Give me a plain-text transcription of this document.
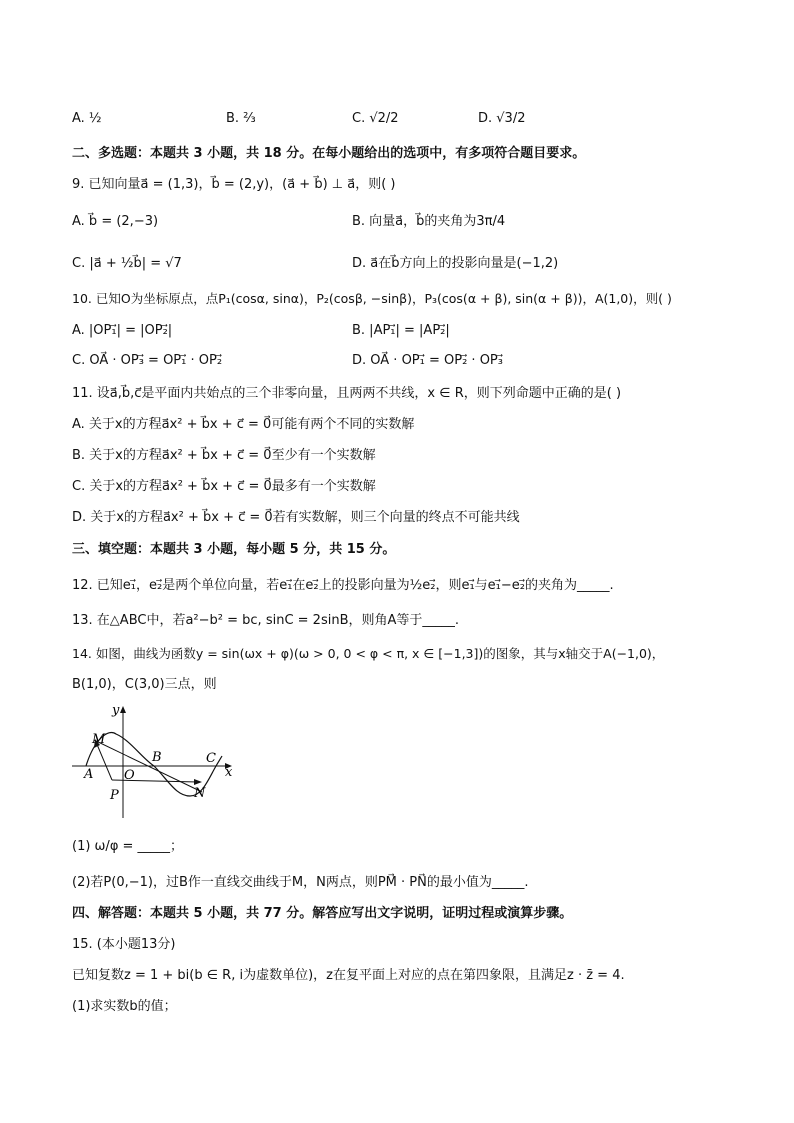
A. ½	B. ⅔	C. √2/2	D. √3/2
二、多选题：本题共 3 小题，共 18 分。在每小题给出的选项中，有多项符合题目要求。
9. 已知向量a⃗ = (1,3)，b⃗ = (2,y)，(a⃗ + b⃗) ⊥ a⃗，则( )
A. b⃗ = (2,−3)	B. 向量a⃗，b⃗的夹角为3π/4
C. |a⃗ + ½b⃗| = √7	D. a⃗在b⃗方向上的投影向量是(−1,2)
10. 已知O为坐标原点，点P₁(cosα, sinα)，P₂(cosβ, −sinβ)，P₃(cos(α + β), sin(α + β))，A(1,0)，则( )
A. |OP₁⃗| = |OP₂⃗|	B. |AP₁⃗| = |AP₂⃗|
C. OA⃗ · OP₃⃗ = OP₁⃗ · OP₂⃗	D. OA⃗ · OP₁⃗ = OP₂⃗ · OP₃⃗
11. 设a⃗,b⃗,c⃗是平面内共始点的三个非零向量，且两两不共线，x ∈ R，则下列命题中正确的是( )
A. 关于x的方程a⃗x² + b⃗x + c⃗ = 0⃗可能有两个不同的实数解
B. 关于x的方程a⃗x² + b⃗x + c⃗ = 0⃗至少有一个实数解
C. 关于x的方程a⃗x² + b⃗x + c⃗ = 0⃗最多有一个实数解
D. 关于x的方程a⃗x² + b⃗x + c⃗ = 0⃗若有实数解，则三个向量的终点不可能共线
三、填空题：本题共 3 小题，每小题 5 分，共 15 分。
12. 已知e₁⃗，e₂⃗是两个单位向量，若e₁⃗在e₂⃗上的投影向量为½e₂⃗，则e₁⃗与e₁⃗−e₂⃗的夹角为_____.
13. 在△ABC中，若a²−b² = bc, sinC = 2sinB，则角A等于_____.
14. 如图，曲线为函数y = sin(ωx + φ)(ω > 0, 0 < φ < π, x ∈ [−1,3])的图象，其与x轴交于A(−1,0)，
B(1,0)，C(3,0)三点，则
y
x
M
A O
B	C
P	N
(1) ω/φ = _____；
(2)若P(0,−1)，过B作一直线交曲线于M，N两点，则PM⃗ · PN⃗的最小值为_____.
四、解答题：本题共 5 小题，共 77 分。解答应写出文字说明，证明过程或演算步骤。
15. (本小题13分)
已知复数z = 1 + bi(b ∈ R, i为虚数单位)，z在复平面上对应的点在第四象限，且满足z · z̄ = 4.
(1)求实数b的值；
